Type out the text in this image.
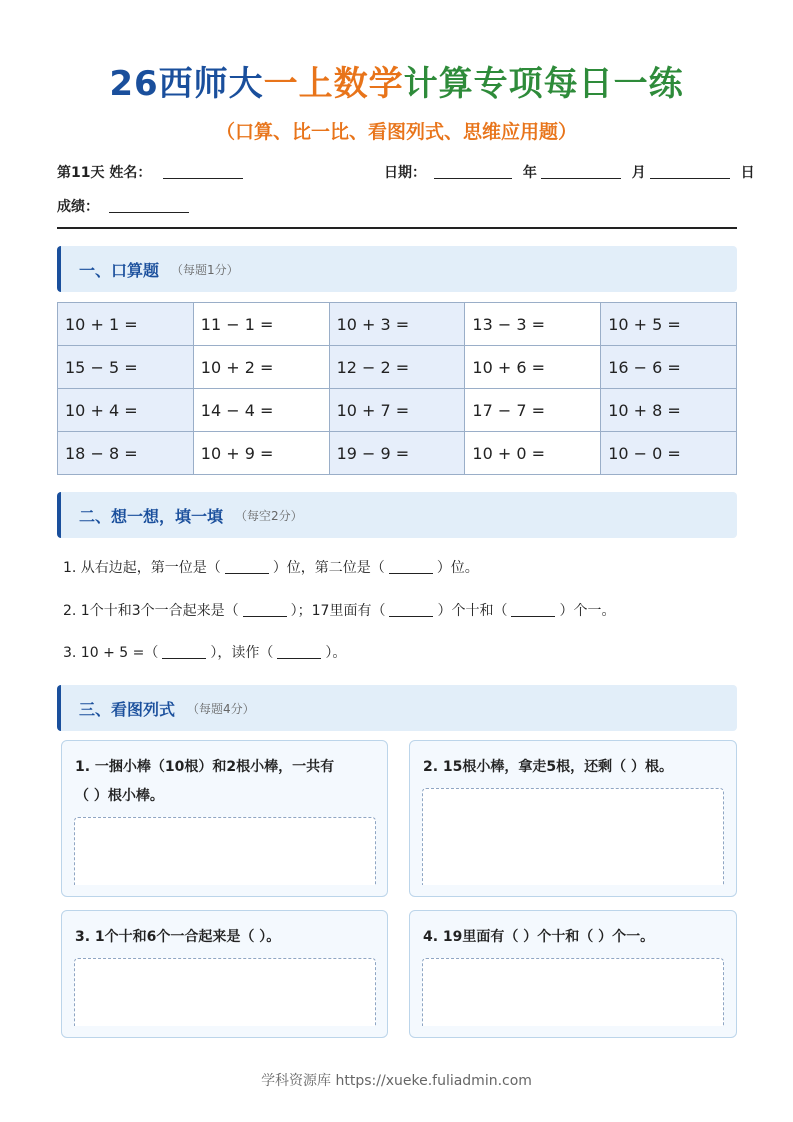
26西师大一上数学计算专项每日一练
（口算、比一比、看图列式、思维应用题）
第11天 姓名：	日期：	年	月	日
成绩：
一、口算题 （每题1分）
10 + 1 =	11 − 1 =	10 + 3 =	13 − 3 =	10 + 5 =
15 − 5 =	10 + 2 =	12 − 2 =	10 + 6 =	16 − 6 =
10 + 4 =	14 − 4 =	10 + 7 =	17 − 7 =	10 + 8 =
18 − 8 =	10 + 9 =	19 − 9 =	10 + 0 =	10 − 0 =
二、想一想，填一填 （每空2分）
1. 从右边起，第一位是（	）位，第二位是（	）位。
2. 1个十和3个一合起来是（	）；17里面有（	）个十和（	）个一。
3. 10 + 5 =（	），读作（	）。
三、看图列式 （每题4分）
1. 一捆小棒（10根）和2根小棒，一共有
（ ）根小棒。
2. 15根小棒，拿走5根，还剩（ ）根。
3. 1个十和6个一合起来是（ ）。	4. 19里面有（ ）个十和（ ）个一。
学科资源库 https://xueke.fuliadmin.com
